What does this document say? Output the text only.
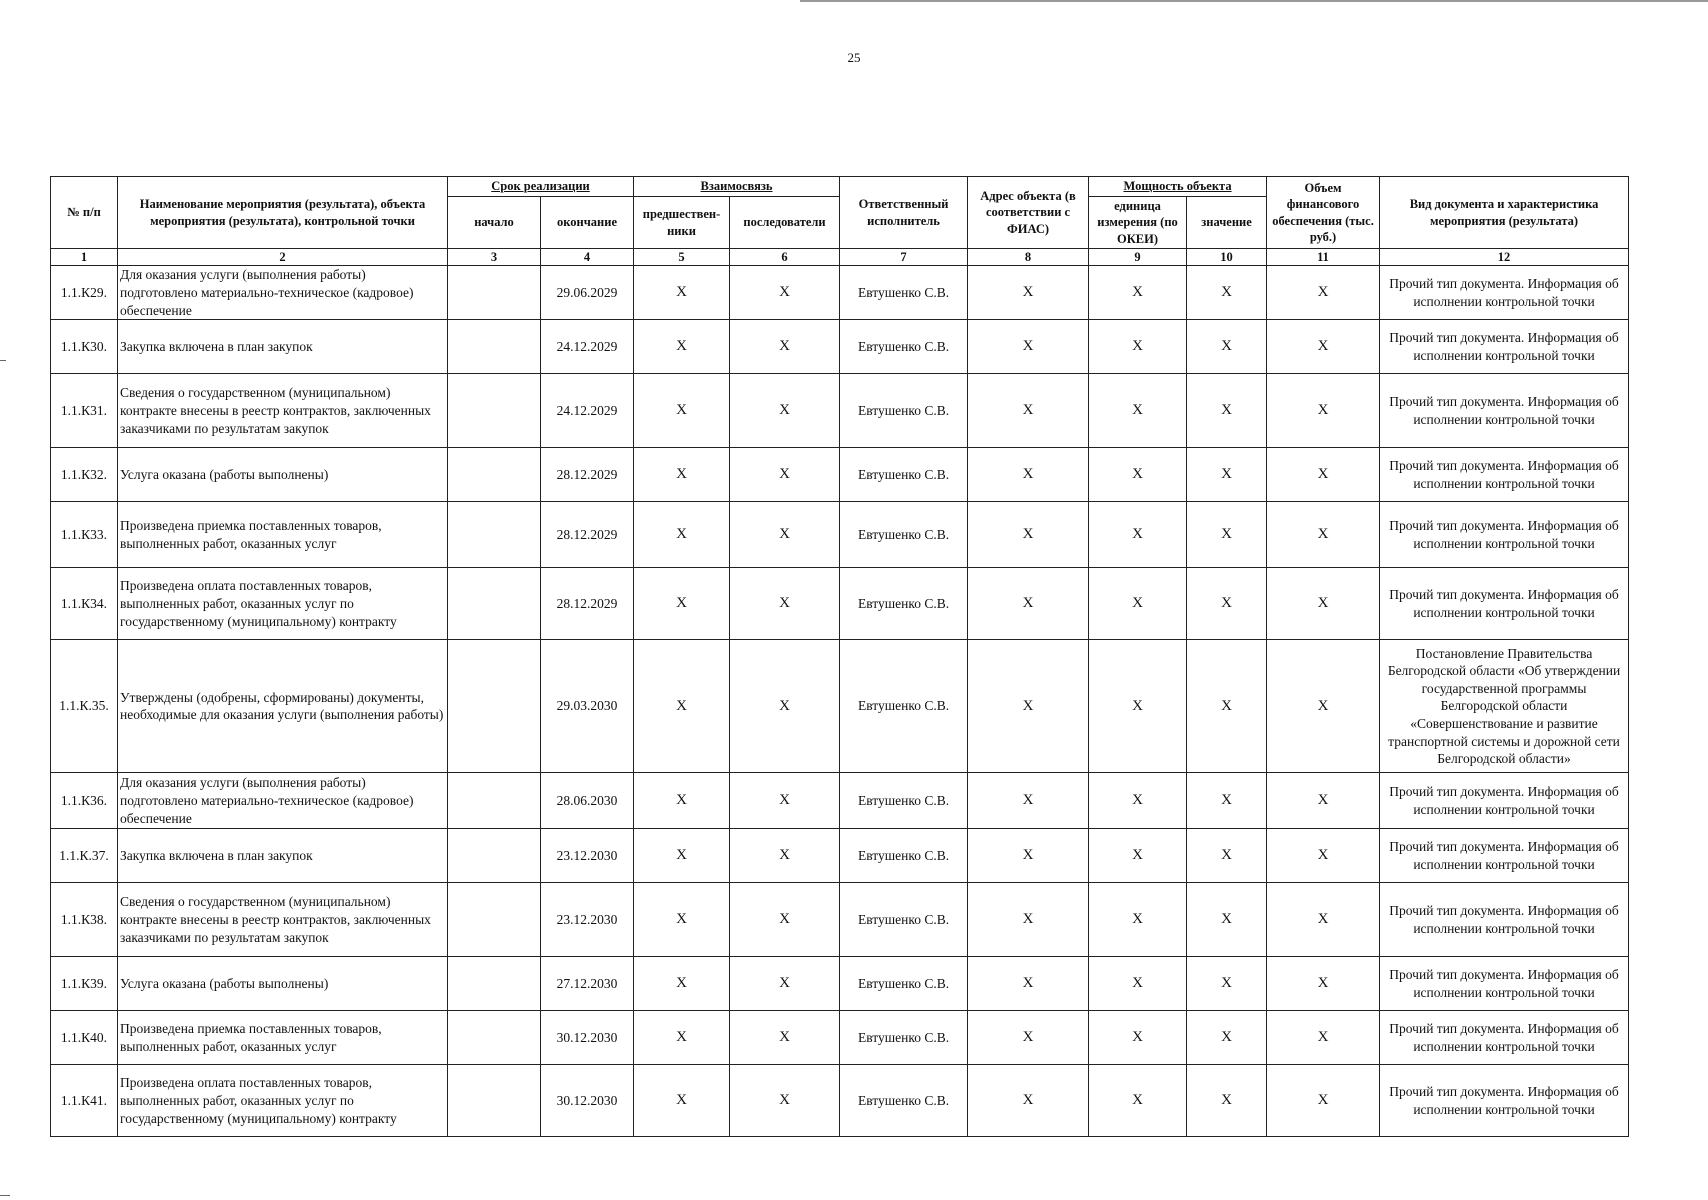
25
№ п/п	Наименование мероприятия (результата), объекта мероприятия (результата), контрольной точки	Срок реализации		Взаимосвязь		Ответственный исполнитель	Адрес объекта (в соответствии с ФИАС)	Мощность объекта		Объем финансового обеспечения (тыс. руб.)	Вид документа и характеристика мероприятия (результата)
		начало	окончание	предшествен-ники	последователи			единица измерения (по ОКЕИ)	значение		
1	2	3	4	5	6	7	8	9	10	11	12
1.1.К29.	Для оказания услуги (выполнения работы) подготовлено материально-техническое (кадровое) обеспечение		29.06.2029	X	X	Евтушенко С.В.	X	X	X	X	Прочий тип документа. Информация об исполнении контрольной точки
1.1.К30.	Закупка включена в план закупок		24.12.2029	X	X	Евтушенко С.В.	X	X	X	X	Прочий тип документа. Информация об исполнении контрольной точки
1.1.К31.	Сведения о государственном (муниципальном) контракте внесены в реестр контрактов, заключенных заказчиками по результатам закупок		24.12.2029	X	X	Евтушенко С.В.	X	X	X	X	Прочий тип документа. Информация об исполнении контрольной точки
1.1.К32.	Услуга оказана (работы выполнены)		28.12.2029	X	X	Евтушенко С.В.	X	X	X	X	Прочий тип документа. Информация об исполнении контрольной точки
1.1.К33.	Произведена приемка поставленных товаров, выполненных работ, оказанных услуг		28.12.2029	X	X	Евтушенко С.В.	X	X	X	X	Прочий тип документа. Информация об исполнении контрольной точки
1.1.К34.	Произведена оплата поставленных товаров, выполненных работ, оказанных услуг по государственному (муниципальному) контракту		28.12.2029	X	X	Евтушенко С.В.	X	X	X	X	Прочий тип документа. Информация об исполнении контрольной точки
1.1.К.35.	Утверждены (одобрены, сформированы) документы, необходимые для оказания услуги (выполнения работы)		29.03.2030	X	X	Евтушенко С.В.	X	X	X	X	Постановление Правительства Белгородской области «Об утверждении государственной программы Белгородской области «Совершенствование и развитие транспортной системы и дорожной сети Белгородской области»
1.1.К36.	Для оказания услуги (выполнения работы) подготовлено материально-техническое (кадровое) обеспечение		28.06.2030	X	X	Евтушенко С.В.	X	X	X	X	Прочий тип документа. Информация об исполнении контрольной точки
1.1.К.37.	Закупка включена в план закупок		23.12.2030	X	X	Евтушенко С.В.	X	X	X	X	Прочий тип документа. Информация об исполнении контрольной точки
1.1.К38.	Сведения о государственном (муниципальном) контракте внесены в реестр контрактов, заключенных заказчиками по результатам закупок		23.12.2030	X	X	Евтушенко С.В.	X	X	X	X	Прочий тип документа. Информация об исполнении контрольной точки
1.1.К39.	Услуга оказана (работы выполнены)		27.12.2030	X	X	Евтушенко С.В.	X	X	X	X	Прочий тип документа. Информация об исполнении контрольной точки
1.1.К40.	Произведена приемка поставленных товаров, выполненных работ, оказанных услуг		30.12.2030	X	X	Евтушенко С.В.	X	X	X	X	Прочий тип документа. Информация об исполнении контрольной точки
1.1.К41.	Произведена оплата поставленных товаров, выполненных работ, оказанных услуг по государственному (муниципальному) контракту		30.12.2030	X	X	Евтушенко С.В.	X	X	X	X	Прочий тип документа. Информация об исполнении контрольной точки
